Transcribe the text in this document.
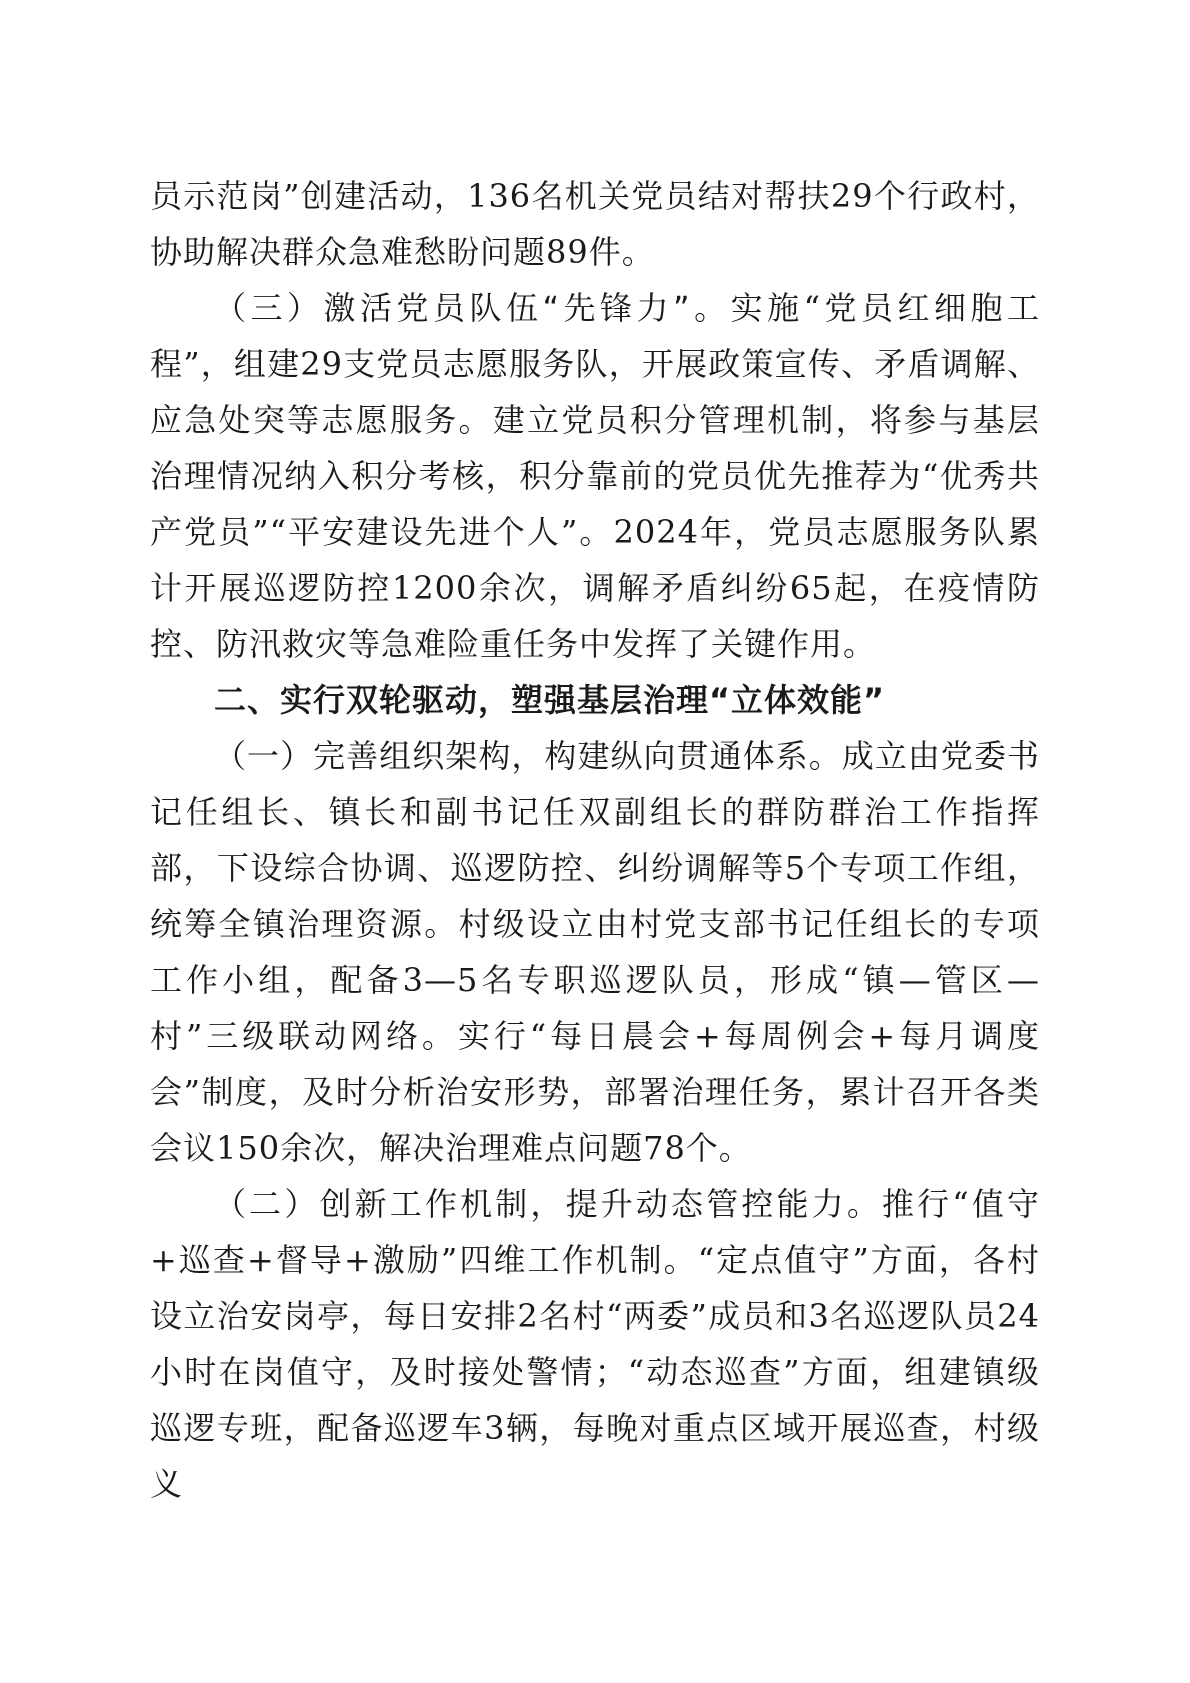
员示范岗”创建活动，136名机关党员结对帮扶29个行政村，协助解决群众急难愁盼问题89件。

（三）激活党员队伍“先锋力”。实施“党员红细胞工程”，组建29支党员志愿服务队，开展政策宣传、矛盾调解、应急处突等志愿服务。建立党员积分管理机制，将参与基层治理情况纳入积分考核，积分靠前的党员优先推荐为“优秀共产党员”“平安建设先进个人”。2024年，党员志愿服务队累计开展巡逻防控1200余次，调解矛盾纠纷65起，在疫情防控、防汛救灾等急难险重任务中发挥了关键作用。

二、实行双轮驱动，塑强基层治理“立体效能”

（一）完善组织架构，构建纵向贯通体系。成立由党委书记任组长、镇长和副书记任双副组长的群防群治工作指挥部，下设综合协调、巡逻防控、纠纷调解等5个专项工作组，统筹全镇治理资源。村级设立由村党支部书记任组长的专项工作小组，配备3—5名专职巡逻队员，形成“镇—管区—村”三级联动网络。实行“每日晨会+每周例会+每月调度会”制度，及时分析治安形势，部署治理任务，累计召开各类会议150余次，解决治理难点问题78个。

（二）创新工作机制，提升动态管控能力。推行“值守+巡查+督导+激励”四维工作机制。“定点值守”方面，各村设立治安岗亭，每日安排2名村“两委”成员和3名巡逻队员24小时在岗值守，及时接处警情；“动态巡查”方面，组建镇级巡逻专班，配备巡逻车3辆，每晚对重点区域开展巡查，村级义
